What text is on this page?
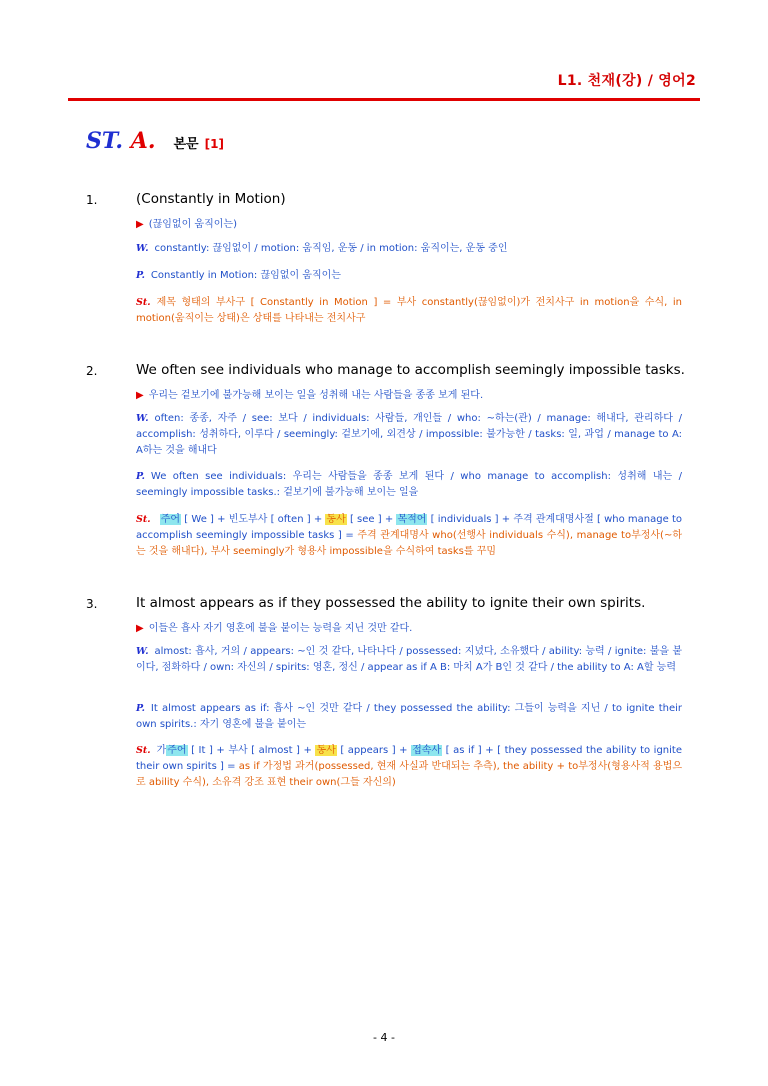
L1. 천재(강) / 영어2
ST. A. 본문 [1]
1.	(Constantly in Motion)
▶ (끊임없이 움직이는)
W. constantly: 끊임없이 / motion: 움직임, 운동 / in motion: 움직이는, 운동 중인
P. Constantly in Motion: 끊임없이 움직이는
St. 제목 형태의 부사구 [ Constantly in Motion ] = 부사 constantly(끊임없이)가 전치사구 in motion을 수식, in motion(움직이는 상태)은 상태를 나타내는 전치사구
2.	We often see individuals who manage to accomplish seemingly impossible tasks.
▶ 우리는 겉보기에 불가능해 보이는 일을 성취해 내는 사람들을 종종 보게 된다.
W. often: 종종, 자주 / see: 보다 / individuals: 사람들, 개인들 / who: ~하는(관) / manage: 해내다, 관리하다 / accomplish: 성취하다, 이루다 / seemingly: 겉보기에, 외견상 / impossible: 불가능한 / tasks: 일, 과업 / manage to A: A하는 것을 해내다
P. We often see individuals: 우리는 사람들을 종종 보게 된다 / who manage to accomplish: 성취해 내는 / seemingly impossible tasks.: 겉보기에 불가능해 보이는 일을
St. 주어 [ We ] + 빈도부사 [ often ] + 동사 [ see ] + 목적어 [ individuals ] + 주격 관계대명사절 [ who manage to accomplish seemingly impossible tasks ] = 주격 관계대명사 who(선행사 individuals 수식), manage to부정사(~하는 것을 해내다), 부사 seemingly가 형용사 impossible을 수식하여 tasks를 꾸밈
3.	It almost appears as if they possessed the ability to ignite their own spirits.
▶ 이들은 흡사 자기 영혼에 불을 붙이는 능력을 지닌 것만 같다.
W. almost: 흡사, 거의 / appears: ~인 것 같다, 나타나다 / possessed: 지녔다, 소유했다 / ability: 능력 / ignite: 불을 붙이다, 점화하다 / own: 자신의 / spirits: 영혼, 정신 / appear as if A B: 마치 A가 B인 것 같다 / the ability to A: A할 능력
P. It almost appears as if: 흡사 ~인 것만 같다 / they possessed the ability: 그들이 능력을 지닌 / to ignite their own spirits.: 자기 영혼에 불을 붙이는
St. 가주어 [ It ] + 부사 [ almost ] + 동사 [ appears ] + 접속사 [ as if ] + [ they possessed the ability to ignite their own spirits ] = as if 가정법 과거(possessed, 현재 사실과 반대되는 추측), the ability + to부정사(형용사적 용법으로 ability 수식), 소유격 강조 표현 their own(그들 자신의)
- 4 -
